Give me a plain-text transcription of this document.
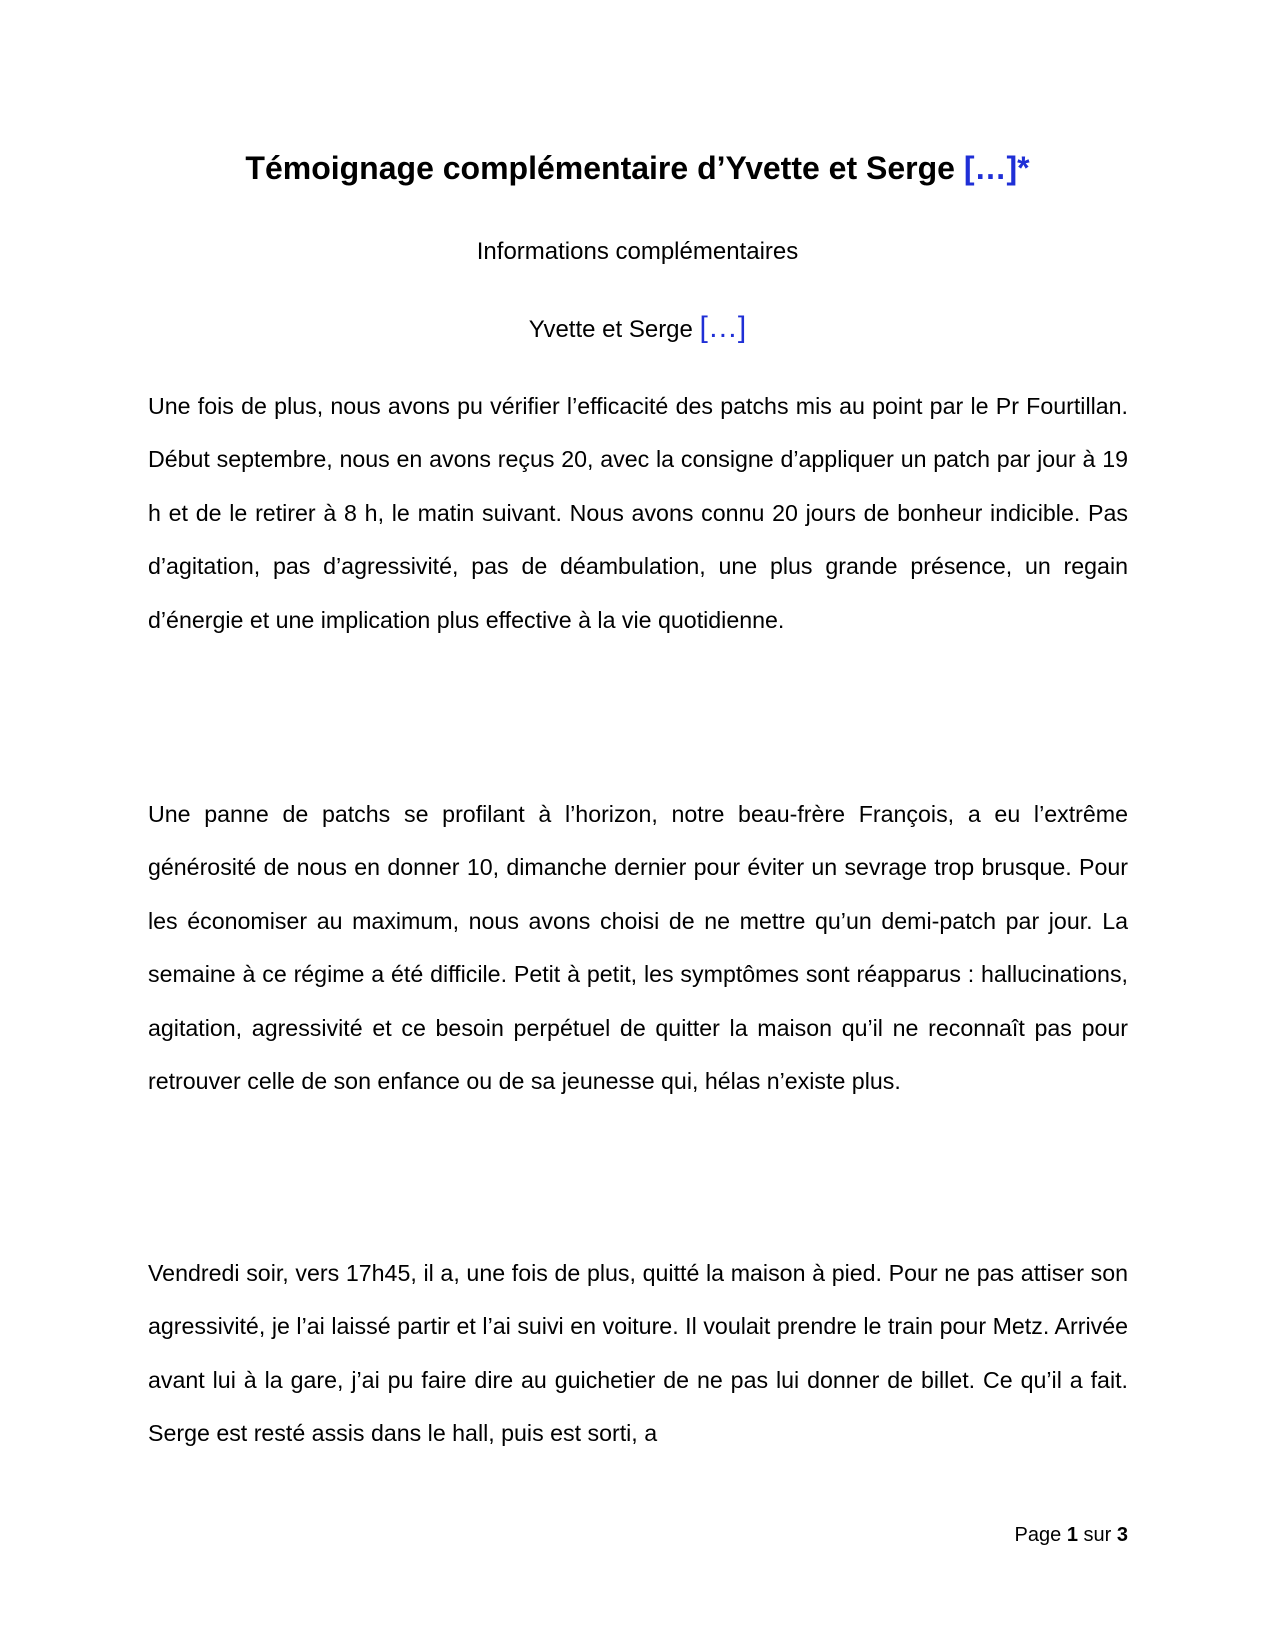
Témoignage complémentaire d’Yvette et Serge […]*
Informations complémentaires
Yvette et Serge […]

Une fois de plus, nous avons pu vérifier l’efficacité des patchs mis au point par le Pr Fourtillan. Début septembre, nous en avons reçus 20, avec la consigne d’appliquer un patch par jour à 19 h et de le retirer à 8 h, le matin suivant. Nous avons connu 20 jours de bonheur indicible. Pas d’agitation, pas d’agressivité, pas de déambulation, une plus grande présence, un regain d’énergie et une implication plus effective à la vie quotidienne.

Une panne de patchs se profilant à l’horizon, notre beau-frère François, a eu l’extrême générosité de nous en donner 10, dimanche dernier pour éviter un sevrage trop brusque. Pour les économiser au maximum, nous avons choisi de ne mettre qu’un demi-patch par jour. La semaine à ce régime a été difficile. Petit à petit, les symptômes sont réapparus : hallucinations, agitation, agressivité et ce besoin perpétuel de quitter la maison qu’il ne reconnaît pas pour retrouver celle de son enfance ou de sa jeunesse qui, hélas n’existe plus.

Vendredi soir, vers 17h45, il a, une fois de plus, quitté la maison à pied. Pour ne pas attiser son agressivité, je l’ai laissé partir et l’ai suivi en voiture. Il voulait prendre le train pour Metz. Arrivée avant lui à la gare, j’ai pu faire dire au guichetier de ne pas lui donner de billet. Ce qu’il a fait. Serge est resté assis dans le hall, puis est sorti, a

Page 1 sur 3
